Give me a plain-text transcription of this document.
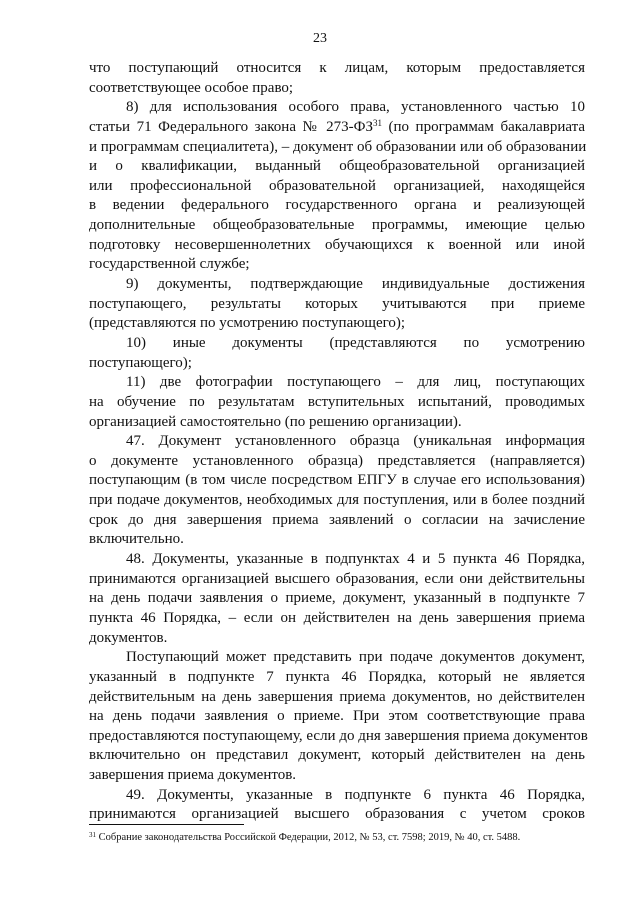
23
что поступающий относится к лицам, которым предоставляется
соответствующее особое право;
8) для использования особого права, установленного частью 10
статьи 71 Федерального закона № 273-ФЗ$^{31}$ (по программам бакалавриата
и программам специалитета), – документ об образовании или об образовании
и о квалификации, выданный общеобразовательной организацией
или профессиональной образовательной организацией, находящейся
в ведении федерального государственного органа и реализующей
дополнительные общеобразовательные программы, имеющие целью
подготовку несовершеннолетних обучающихся к военной или иной
государственной службе;
9) документы, подтверждающие индивидуальные достижения
поступающего, результаты которых учитываются при приеме
(представляются по усмотрению поступающего);
10) иные документы (представляются по усмотрению
поступающего);
11) две фотографии поступающего – для лиц, поступающих
на обучение по результатам вступительных испытаний, проводимых
организацией самостоятельно (по решению организации).
47. Документ установленного образца (уникальная информация
о документе установленного образца) представляется (направляется)
поступающим (в том числе посредством ЕПГУ в случае его использования)
при подаче документов, необходимых для поступления, или в более поздний
срок до дня завершения приема заявлений о согласии на зачисление
включительно.
48. Документы, указанные в подпунктах 4 и 5 пункта 46 Порядка,
принимаются организацией высшего образования, если они действительны
на день подачи заявления о приеме, документ, указанный в подпункте 7
пункта 46 Порядка, – если он действителен на день завершения приема
документов.
Поступающий может представить при подаче документов документ,
указанный в подпункте 7 пункта 46 Порядка, который не является
действительным на день завершения приема документов, но действителен
на день подачи заявления о приеме. При этом соответствующие права
предоставляются поступающему, если до дня завершения приема документов
включительно он представил документ, который действителен на день
завершения приема документов.
49. Документы, указанные в подпункте 6 пункта 46 Порядка,
принимаются организацией высшего образования с учетом сроков
$^{31}$ Собрание законодательства Российской Федерации, 2012, № 53, ст. 7598; 2019, № 40, ст. 5488.
